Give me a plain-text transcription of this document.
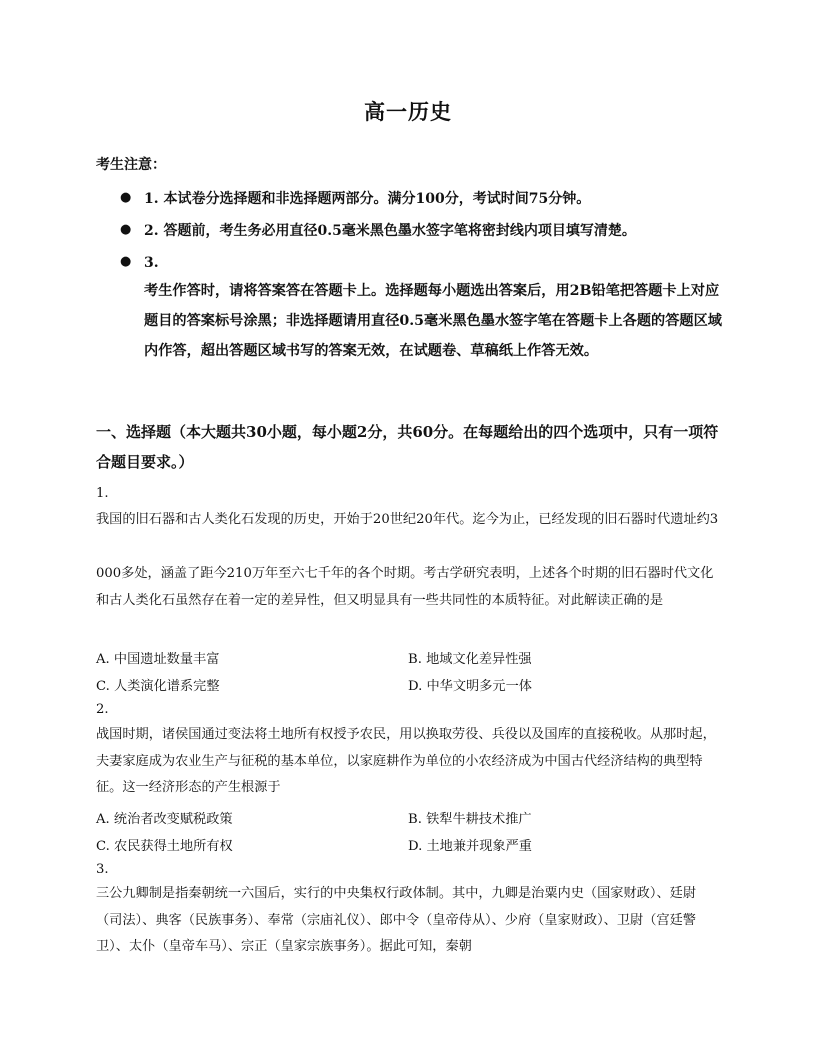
高一历史
考生注意：
● 1. 本试卷分选择题和非选择题两部分。满分100分，考试时间75分钟。
● 2. 答题前，考生务必用直径0.5毫米黑色墨水签字笔将密封线内项目填写清楚。
● 3.
考生作答时，请将答案答在答题卡上。选择题每小题选出答案后，用2B铅笔把答题卡上对应题目的答案标号涂黑；非选择题请用直径0.5毫米黑色墨水签字笔在答题卡上各题的答题区域内作答，超出答题区域书写的答案无效，在试题卷、草稿纸上作答无效。
一、选择题（本大题共30小题，每小题2分，共60分。在每题给出的四个选项中，只有一项符合题目要求。）
1.
我国的旧石器和古人类化石发现的历史，开始于20世纪20年代。迄今为止，已经发现的旧石器时代遗址约3
000多处，涵盖了距今210万年至六七千年的各个时期。考古学研究表明，上述各个时期的旧石器时代文化和古人类化石虽然存在着一定的差异性，但又明显具有一些共同性的本质特征。对此解读正确的是
A. 中国遗址数量丰富	B. 地域文化差异性强
C. 人类演化谱系完整	D. 中华文明多元一体
2.
战国时期，诸侯国通过变法将土地所有权授予农民，用以换取劳役、兵役以及国库的直接税收。从那时起，夫妻家庭成为农业生产与征税的基本单位，以家庭耕作为单位的小农经济成为中国古代经济结构的典型特征。这一经济形态的产生根源于
A. 统治者改变赋税政策	B. 铁犁牛耕技术推广
C. 农民获得土地所有权	D. 土地兼并现象严重
3.
三公九卿制是指秦朝统一六国后，实行的中央集权行政体制。其中，九卿是治粟内史（国家财政）、廷尉（司法）、典客（民族事务）、奉常（宗庙礼仪）、郎中令（皇帝侍从）、少府（皇家财政）、卫尉（宫廷警卫）、太仆（皇帝车马）、宗正（皇家宗族事务）。据此可知，秦朝
